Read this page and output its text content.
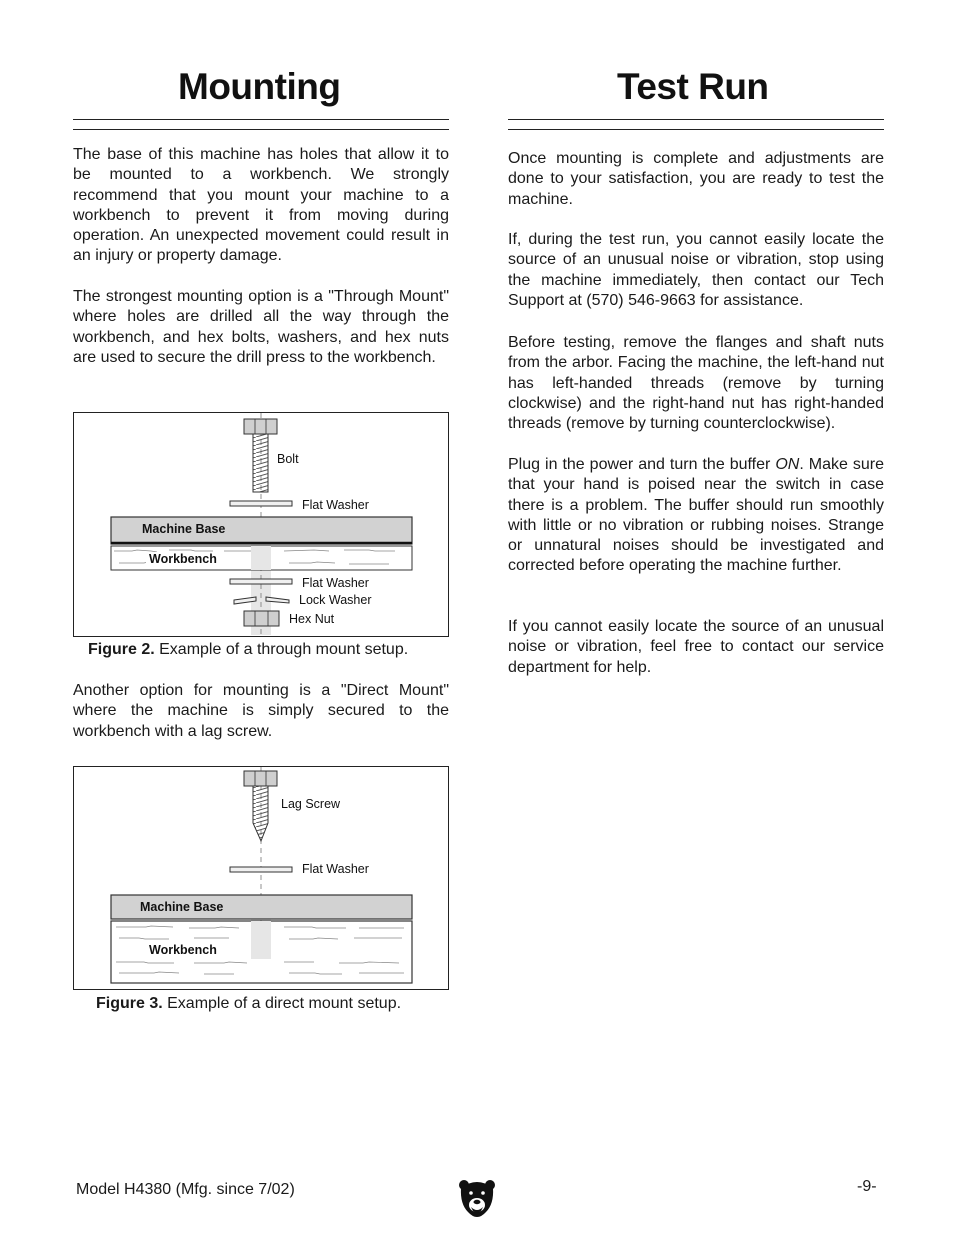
Mounting

The base of this machine has holes that allow it to be mounted to a workbench. We strongly recommend that you mount your machine to a workbench to prevent it from moving during operation. An unexpected movement could result in an injury or property damage.

The strongest mounting option is a "Through Mount" where holes are drilled all the way through the workbench, and hex bolts, washers, and hex nuts are used to secure the drill press to the workbench.

Bolt
Flat Washer
Machine Base
Workbench
Flat Washer
Lock Washer
Hex Nut

Figure 2. Example of a through mount setup.

Another option for mounting is a "Direct Mount" where the machine is simply secured to the workbench with a lag screw.

Lag Screw
Flat Washer
Machine Base
Workbench

Figure 3. Example of a direct mount setup.

Test Run

Once mounting is complete and adjustments are done to your satisfaction, you are ready to test the machine.

If, during the test run, you cannot easily locate the source of an unusual noise or vibration, stop using the machine immediately, then contact our Tech Support at (570) 546-9663 for assistance.

Before testing, remove the flanges and shaft nuts from the arbor. Facing the machine, the left-hand nut has left-handed threads (remove by turning clockwise) and the right-hand nut has right-handed threads (remove by turning counterclockwise).

Plug in the power and turn the buffer ON. Make sure that your hand is poised near the switch in case there is a problem. The buffer should run smoothly with little or no vibration or rubbing noises. Strange or unnatural noises should be investigated and corrected before operating the machine further.

If you cannot easily locate the source of an unusual noise or vibration, feel free to contact our service department for help.

Model H4380 (Mfg. since 7/02)	-9-
